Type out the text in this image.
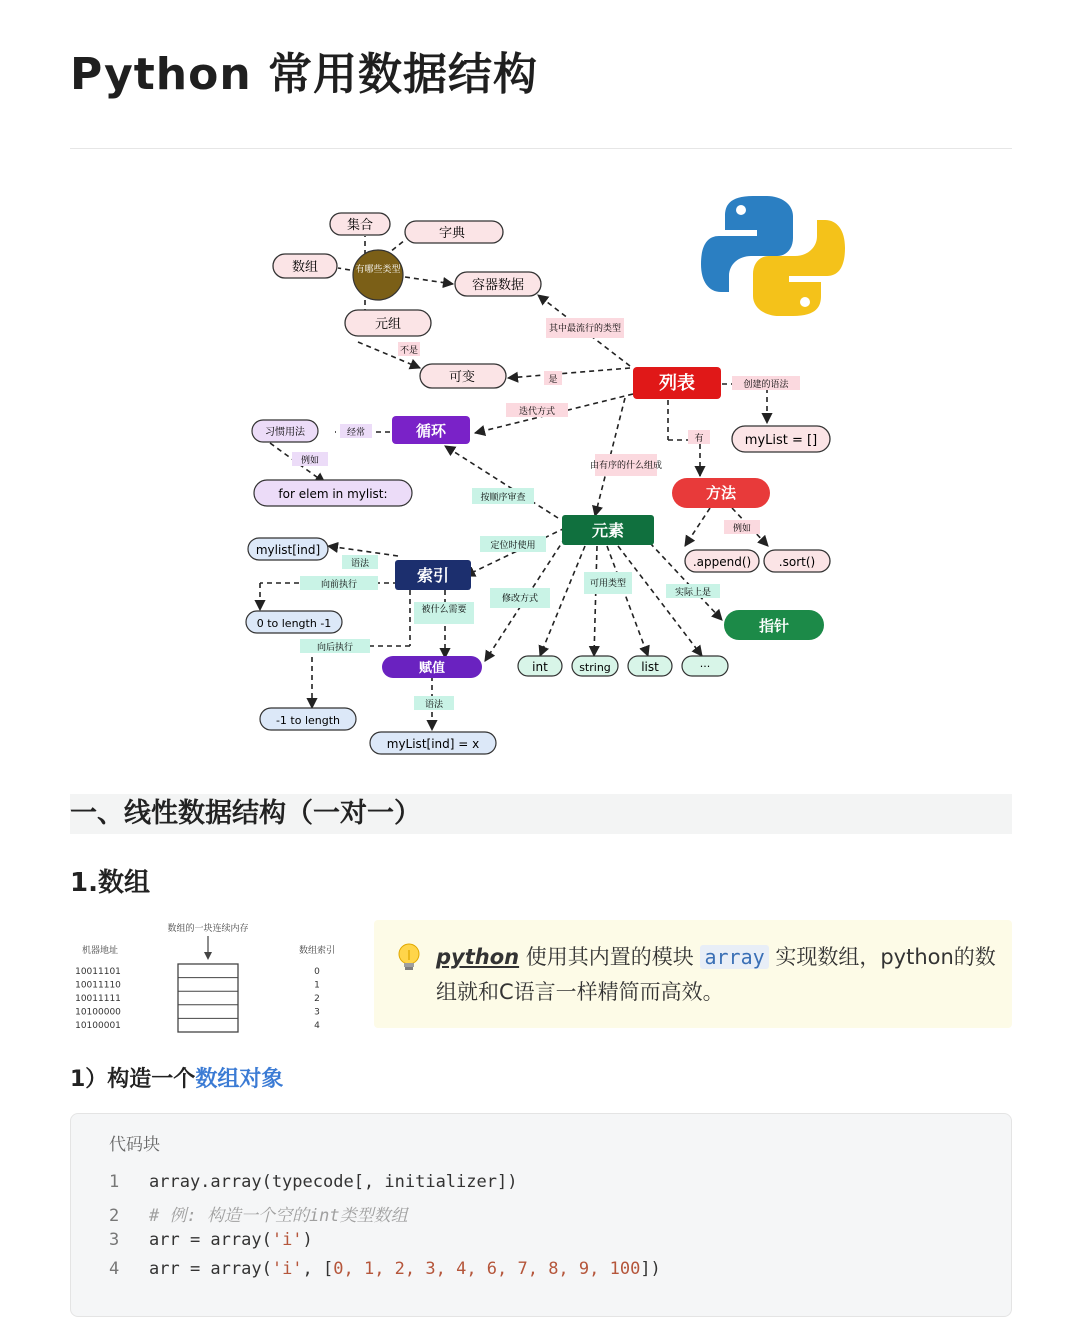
Python 常用数据结构
集合
字典
数组	有哪些类型
容器数据
元组
可变	列表
myList = []
方法
.append() .sort()
循环
习惯用法
for elem in mylist:
元素
指针
int	string	list	···
索引
mylist[ind]
0 to length -1
-1 to length
赋值
myList[ind] = x
不是
是
其中最流行的类型
迭代方式
经常
例如
创建的语法
有
由有序的什么组成
例如
按顺序审查
定位时使用
语法
向前执行
向后执行
被什么需要
修改方式
可用类型
实际上是
语法
一、线性数据结构（一对一）
1.数组
数组的一块连续内存
机器地址	数组索引
10011101	0
10011110	1
10011111	2
10100000	3
10100001	4
python 使用其内置的模块 array 实现数组，python的数组就和C语言一样精简而高效。
1）构造一个数组对象
代码块
1 array.array(typecode[, initializer])
2 # 例: 构造一个空的int类型数组
3 arr = array('i')
4 arr = array('i', [0, 1, 2, 3, 4, 6, 7, 8, 9, 100])
